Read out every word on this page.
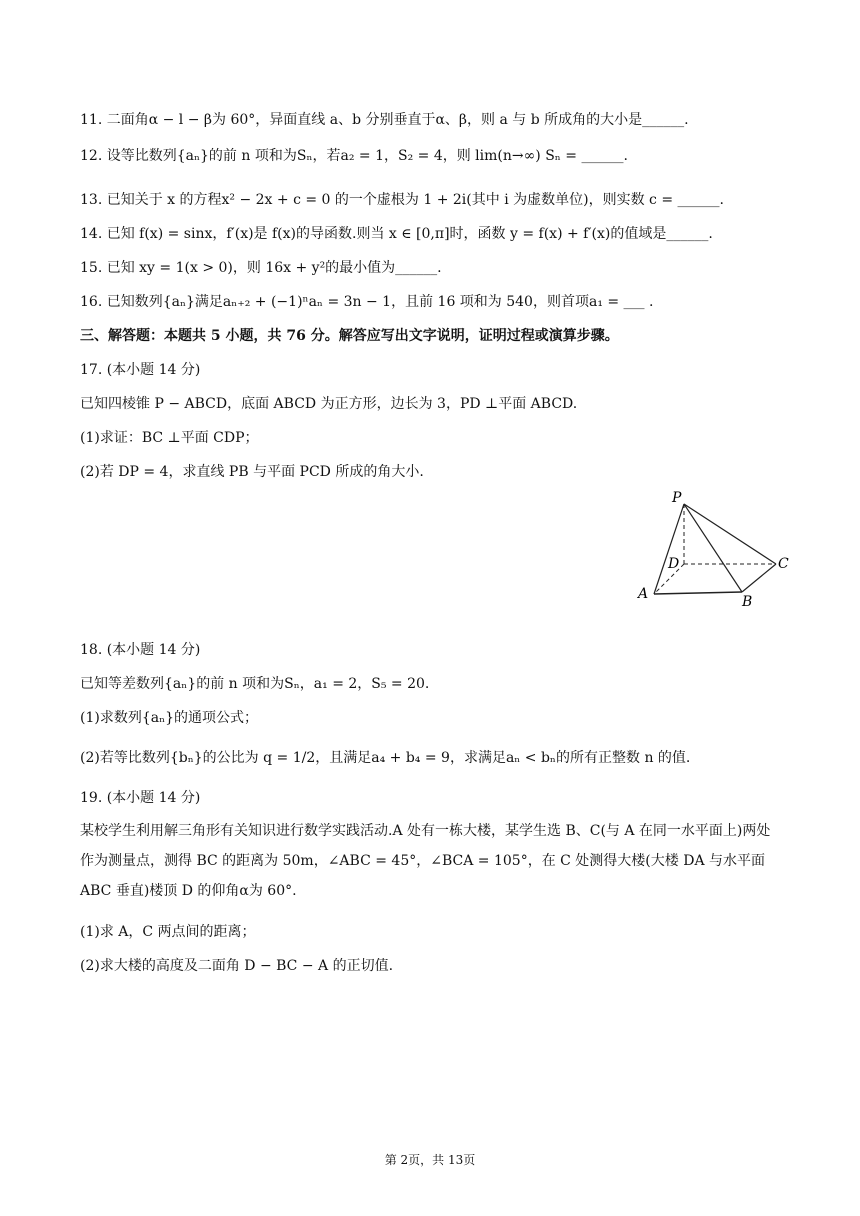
11. 二面角α − l − β为 60°，异面直线 a、b 分别垂直于α、β，则 a 与 b 所成角的大小是______.
12. 设等比数列{aₙ}的前 n 项和为Sₙ，若a₂ = 1，S₂ = 4，则 lim(n→∞) Sₙ = ______.
13. 已知关于 x 的方程x² − 2x + c = 0 的一个虚根为 1 + 2i(其中 i 为虚数单位)，则实数 c = ______.
14. 已知 f(x) = sinx，f′(x)是 f(x)的导函数.则当 x ∈ [0,π]时，函数 y = f(x) + f′(x)的值域是______.
15. 已知 xy = 1(x > 0)，则 16x + y²的最小值为______.
16. 已知数列{aₙ}满足aₙ₊₂ + (−1)ⁿaₙ = 3n − 1，且前 16 项和为 540，则首项a₁ = ___ .
三、解答题：本题共 5 小题，共 76 分。解答应写出文字说明，证明过程或演算步骤。
17. (本小题 14 分)
已知四棱锥 P − ABCD，底面 ABCD 为正方形，边长为 3，PD ⊥平面 ABCD.
(1)求证：BC ⊥平面 CDP；
(2)若 DP = 4，求直线 PB 与平面 PCD 所成的角大小.
P
D	C
A	B
18. (本小题 14 分)
已知等差数列{aₙ}的前 n 项和为Sₙ，a₁ = 2，S₅ = 20.
(1)求数列{aₙ}的通项公式；
(2)若等比数列{bₙ}的公比为 q = 1/2，且满足a₄ + b₄ = 9，求满足aₙ < bₙ的所有正整数 n 的值.
19. (本小题 14 分)
某校学生利用解三角形有关知识进行数学实践活动.A 处有一栋大楼，某学生选 B、C(与 A 在同一水平面上)两处作为测量点，测得 BC 的距离为 50m，∠ABC = 45°，∠BCA = 105°，在 C 处测得大楼(大楼 DA 与水平面 ABC 垂直)楼顶 D 的仰角α为 60°.
(1)求 A，C 两点间的距离；
(2)求大楼的高度及二面角 D − BC − A 的正切值.
第 2页，共 13页
